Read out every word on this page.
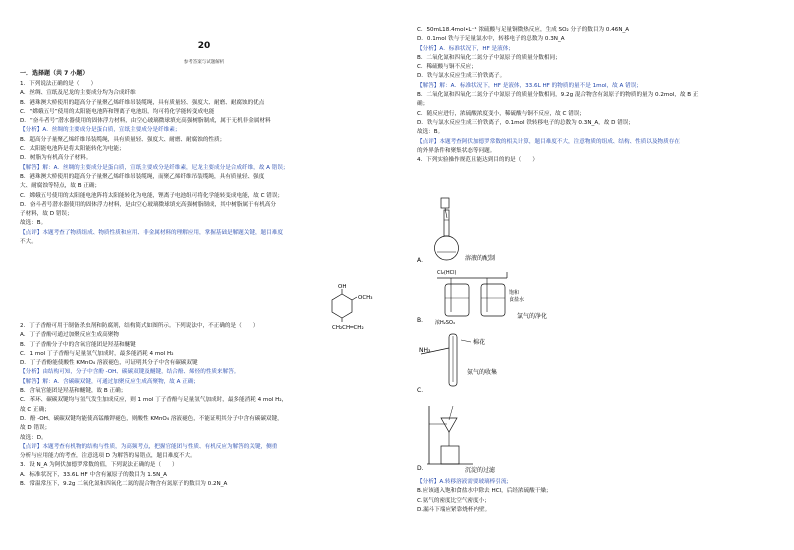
20
参考答案与试题解析
一．选择题（共 7 小题）
1．下列说法正确的是（　　）
A．丝绸、宣纸及尼龙的主要成分均为合成纤维
B．港珠澳大桥使用的超高分子量聚乙烯纤维吊装缆绳，具有质量轻、强度大、耐磨、耐腐蚀的优点
C．“嫦娥五号”使用的太阳能电池阵和锂离子电池组，均可将化学能转变成电能
D．“奋斗者号”潜水器使用的固体浮力材料，由空心玻璃微球填充高强树脂制成，属于无机非金属材料
【分析】A．丝绸的主要成分是蛋白质，宣纸主要成分是纤维素；
B．超高分子量聚乙烯纤维吊装缆绳，具有质量轻、强度大、耐磨、耐腐蚀的性质；
C．太阳能电池阵是将太阳能转化为电能；
D．树脂为有机高分子材料。
【解答】解：A．丝绸的主要成分是蛋白质，宣纸主要成分是纤维素，尼龙主要成分是合成纤维，故 A 错误；
B．港珠澳大桥使用的超高分子量聚乙烯纤维吊装缆绳，而聚乙烯纤维吊装缆绳，具有质量轻、强度
大、耐腐蚀等特点，故 B 正确；
C．嫦娥五号使用的太阳能电池阵将太阳能转化为电能，锂离子电池组可将化学能转变成电能，故 C 错误；
D．奋斗者号潜水器使用的固体浮力材料，是由空心玻璃微球填充高强树脂制成，其中树脂属于有机高分
子材料，故 D 错误；
故选：B。
【点评】本题考查了物质组成、物质性质和应用、非金属材料的理解应用，掌握基础是解题关键，题目难度
不大。
OH
OCH₃
CH₂CH═CH₂
2．丁子香酚可用于制备杀虫剂和防腐剂，结构简式如图所示。下列说法中，不正确的是（　　）
A．丁子香酚可通过加聚反应生成高聚物
B．丁子香酚分子中的含氧官能团是羟基和醚键
C．1 mol 丁子香酚与足量氢气加成时，最多能消耗 4 mol H₂
D．丁子香酚能使酸性 KMnO₄ 溶液褪色，可证明其分子中含有碳碳双键
【分析】由结构可知，分子中含酚 -OH、碳碳双键及醚键，结合酚、烯烃的性质来解答。
【解答】解：A．含碳碳双键，可通过加聚反应生成高聚物，故 A 正确；
B．含氧官能团是羟基和醚键，故 B 正确；
C．苯环、碳碳双键均与氢气发生加成反应，则 1 mol 丁子香酚与足量氢气加成时，最多能消耗 4 mol H₂，
故 C 正确；
D．酚 -OH、碳碳双键均能使高锰酸钾褪色，则酸性 KMnO₄ 溶液褪色，不能证明其分子中含有碳碳双键，
故 D 错误；
故选：D。
【点评】本题考查有机物的结构与性质，为高频考点，把握官能团与性质、有机反应为解答的关键，侧重
分析与应用能力的考查，注意选项 D 为解答的易错点，题目难度不大。
3．设 N_A 为阿伏加德罗常数的值，下列说法正确的是（　　）
A．标准状况下，33.6L HF 中含有氟原子的数目为 1.5N_A
B．常温常压下，9.2g 二氧化氮和四氧化二氮的混合物含有氮原子的数目为 0.2N_A
C．50mL18.4mol•L⁻¹ 浓硫酸与足量铜微热反应，生成 SO₂ 分子的数目为 0.46N_A
D．0.1mol 铁与于足量氯水中，转移电子的总数为 0.3N_A
【分析】A．标准状况下，HF 是液体；
B．二氧化氮和四氧化二氮分子中氮原子的质量分数相同；
C．稀硫酸与铜不反应；
D．铁与氯水反应生成三价铁离子。
【解答】解：A．标准状况下，HF 是液体，33.6L HF 的物质的量不是 1mol，故 A 错误；
B．二氧化氮和四氧化二氮分子中氮原子的质量分数相同，9.2g 混合物含有氮原子的物质的量为 0.2mol，故 B 正
确；
C．随反应进行，浓硫酸浓度变小，稀硫酸与铜不反应，故 C 错误；
D．铁与氯水反应生成三价铁离子，0.1mol 铁转移电子的总数为 0.3N_A，故 D 错误；
故选：B。
【点评】本题考查阿伏加德罗常数的相关计算，题目难度不大，注意物质的组成、结构、性质以及物质存在
的外界条件和聚集状态等问题。
4．下列实验操作规范且能达到目的的是（　　）
A．	溶液的配制
Cl₂(HCl)
浓H₂SO₄
饱和
食盐水
B．
氯气的净化
NH₃
棉花
C．
氨气的收集
D．	沉淀的过滤
【分析】A.转移溶液需要玻璃棒引流；
B.应该通入饱和食盐水中除去 HCl，后经浓硫酸干燥；
C.氨气的密度比空气密度小；
D.漏斗下端应紧靠烧杯内壁。
